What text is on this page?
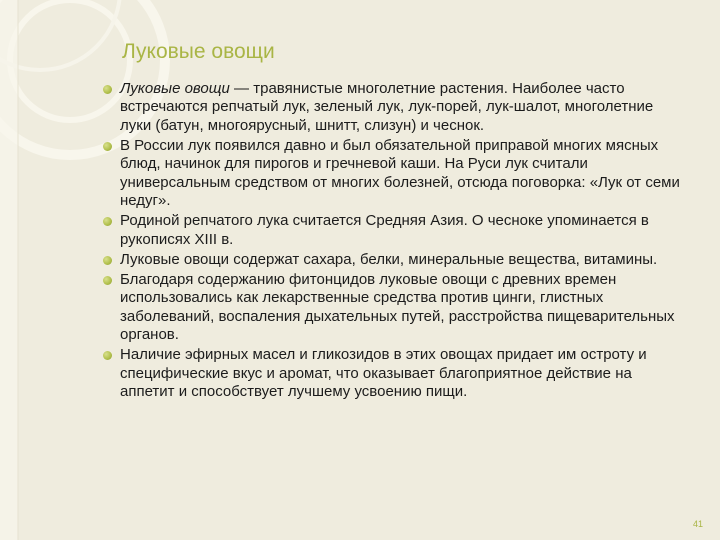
Луковые овощи
Луковые овощи — травянистые многолетние растения. Наиболее часто встречаются репчатый лук, зеленый лук, лук-порей, лук-шалот, многолетние луки (батун, многоярусный, шнитт, слизун) и чеснок.
В России лук появился давно и был обязательной приправой многих мясных блюд, начинок для пирогов и гречневой каши. На Руси лук считали универсальным средством от многих болезней, отсюда поговорка: «Лук от семи недуг».
Родиной репчатого лука считается Средняя Азия. О чесноке упоминается в рукописях XIII в.
Луковые овощи содержат сахара, белки, минеральные вещества, витамины.
Благодаря содержанию фитонцидов луковые овощи с древних времен использовались как лекарственные средства против цинги, глистных заболеваний, воспаления дыхательных путей, расстройства пищеварительных органов.
Наличие эфирных масел и гликозидов в этих овощах придает им остроту и специфические вкус и аромат, что оказывает благоприятное действие на аппетит и способствует лучшему усвоению пищи.
41
